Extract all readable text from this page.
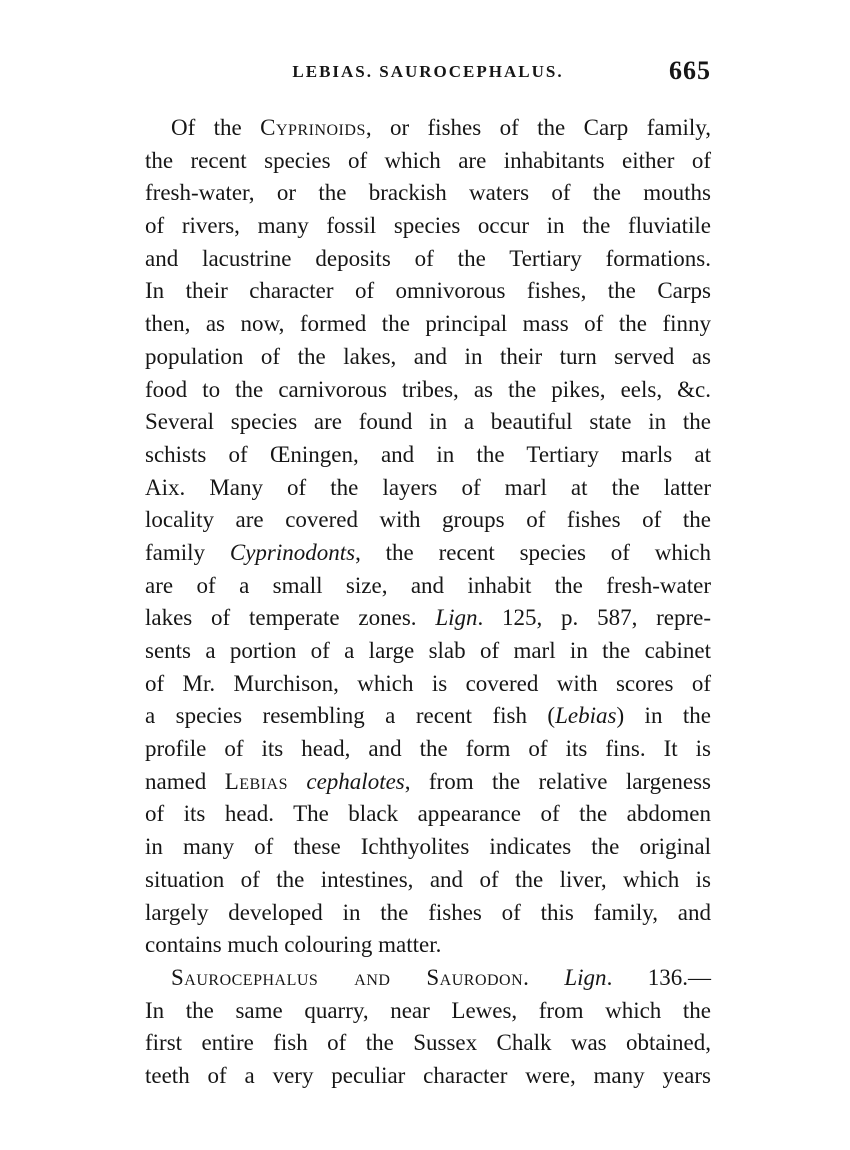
LEBIAS. SAUROCEPHALUS.	665
Of the Cyprinoids, or fishes of the Carp family,
the recent species of which are inhabitants either of
fresh-water, or the brackish waters of the mouths
of rivers, many fossil species occur in the fluviatile
and lacustrine deposits of the Tertiary formations.
In their character of omnivorous fishes, the Carps
then, as now, formed the principal mass of the finny
population of the lakes, and in their turn served as
food to the carnivorous tribes, as the pikes, eels, &c.
Several species are found in a beautiful state in the
schists of Œningen, and in the Tertiary marls at
Aix. Many of the layers of marl at the latter
locality are covered with groups of fishes of the
family Cyprinodonts, the recent species of which
are of a small size, and inhabit the fresh-water
lakes of temperate zones. Lign. 125, p. 587, repre-
sents a portion of a large slab of marl in the cabinet
of Mr. Murchison, which is covered with scores of
a species resembling a recent fish (Lebias) in the
profile of its head, and the form of its fins. It is
named Lebias cephalotes, from the relative largeness
of its head. The black appearance of the abdomen
in many of these Ichthyolites indicates the original
situation of the intestines, and of the liver, which is
largely developed in the fishes of this family, and
contains much colouring matter.
Saurocephalus and Saurodon. Lign. 136.—
In the same quarry, near Lewes, from which the
first entire fish of the Sussex Chalk was obtained,
teeth of a very peculiar character were, many years
